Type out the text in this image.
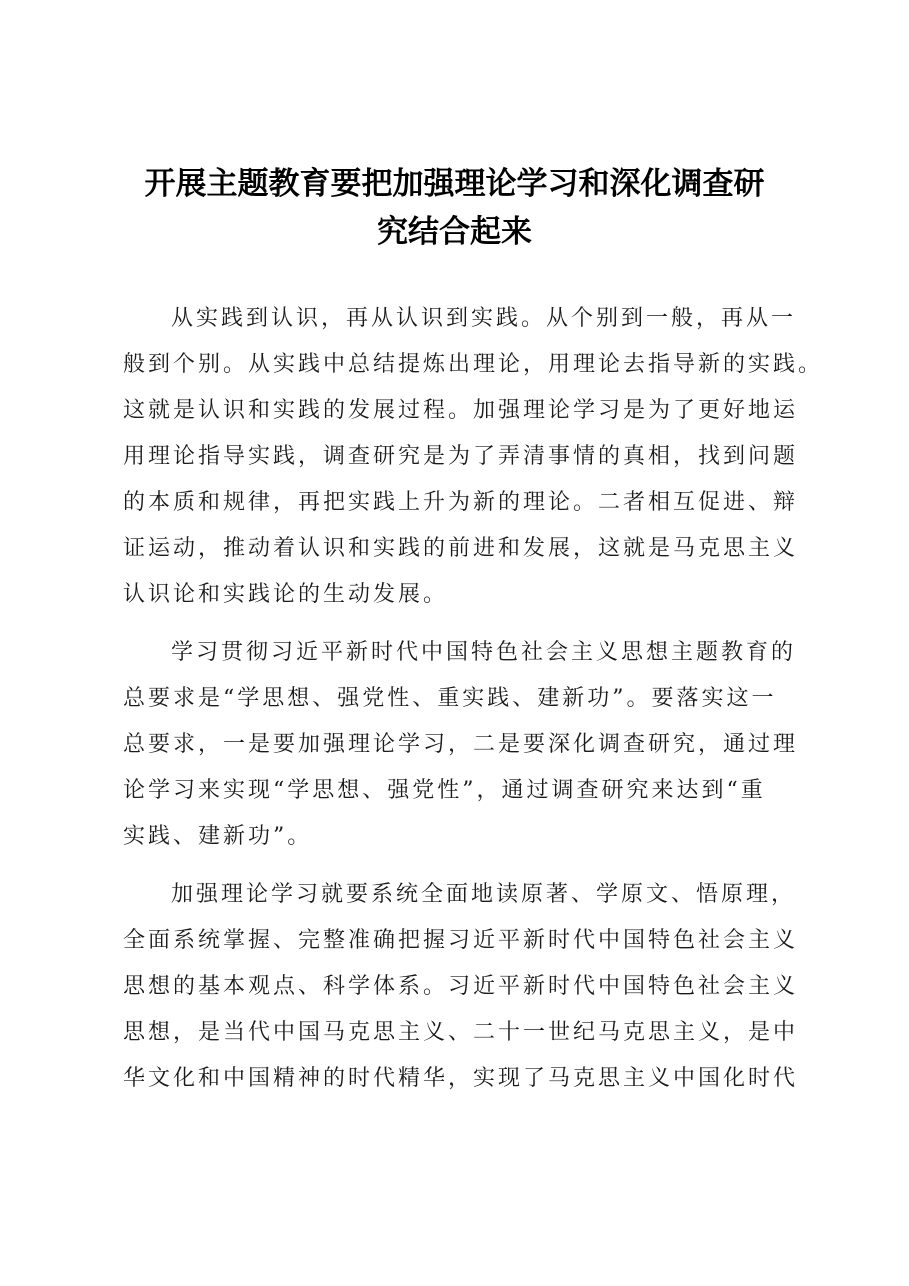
开展主题教育要把加强理论学习和深化调查研
究结合起来

从实践到认识，再从认识到实践。从个别到一般，再从一
般到个别。从实践中总结提炼出理论，用理论去指导新的实践。
这就是认识和实践的发展过程。加强理论学习是为了更好地运
用理论指导实践，调查研究是为了弄清事情的真相，找到问题
的本质和规律，再把实践上升为新的理论。二者相互促进、辩
证运动，推动着认识和实践的前进和发展，这就是马克思主义
认识论和实践论的生动发展。

学习贯彻习近平新时代中国特色社会主义思想主题教育的
总要求是“学思想、强党性、重实践、建新功”。要落实这一
总要求，一是要加强理论学习，二是要深化调查研究，通过理
论学习来实现“学思想、强党性”，通过调查研究来达到“重
实践、建新功”。

加强理论学习就要系统全面地读原著、学原文、悟原理，
全面系统掌握、完整准确把握习近平新时代中国特色社会主义
思想的基本观点、科学体系。习近平新时代中国特色社会主义
思想，是当代中国马克思主义、二十一世纪马克思主义，是中
华文化和中国精神的时代精华，实现了马克思主义中国化时代
